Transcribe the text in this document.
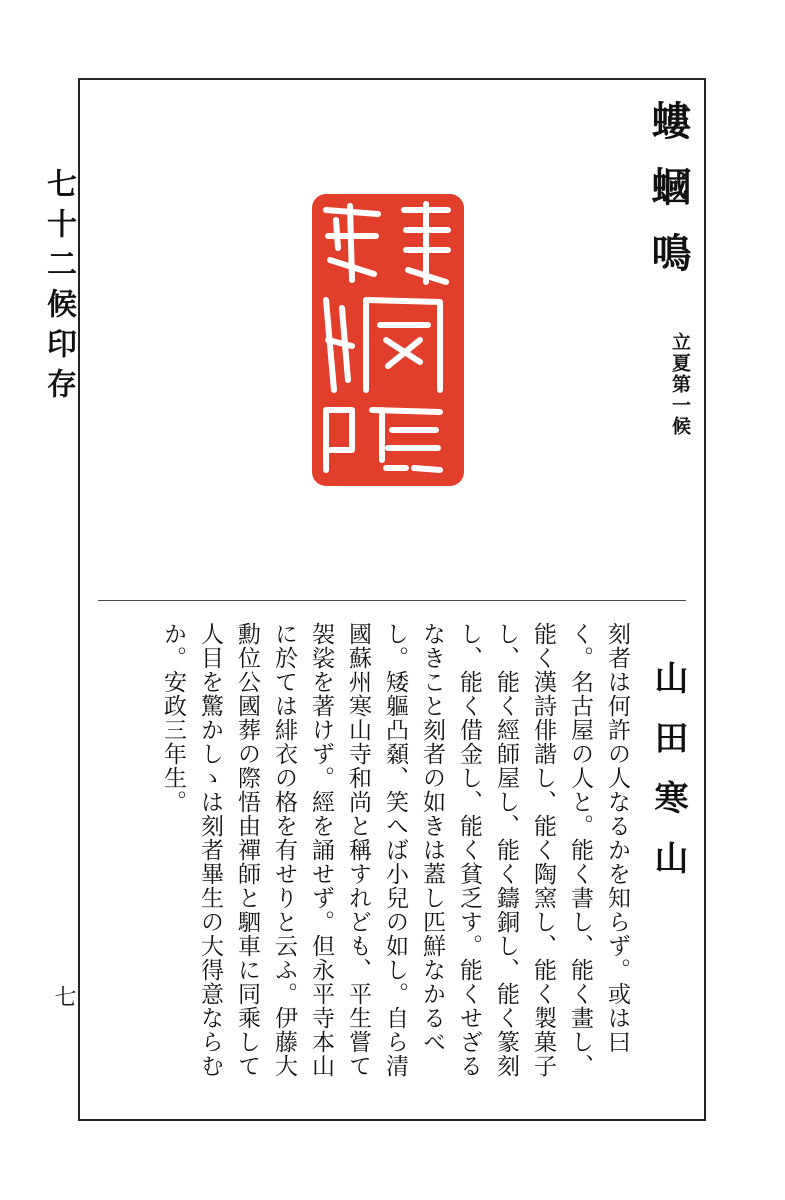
七十二候印存
七
螻蟈鳴
立夏第一候
螻蟈鳴
山田寒山

刻者は何許の人なるかを知らず。或は曰く。名古屋の人と。能く書し、能く畫し、能く漢詩俳諧し、能く陶窯し、能く製菓子し、能く經師屋し、能く鑄銅し、能く篆刻し、能く借金し、能く貧乏す。能くせざるなきこと刻者の如きは蓋し匹鮮なかるべし。矮軀凸顙、笑へば小兒の如し。自ら清國蘇州寒山寺和尚と稱すれども、平生嘗て袈裟を著けず。經を誦せず。但永平寺本山に於ては緋衣の格を有せりと云ふ。伊藤大勳位公國葬の際悟由禪師と駟車に同乘して人目を驚かしゝは刻者畢生の大得意ならむか。安政三年生。
